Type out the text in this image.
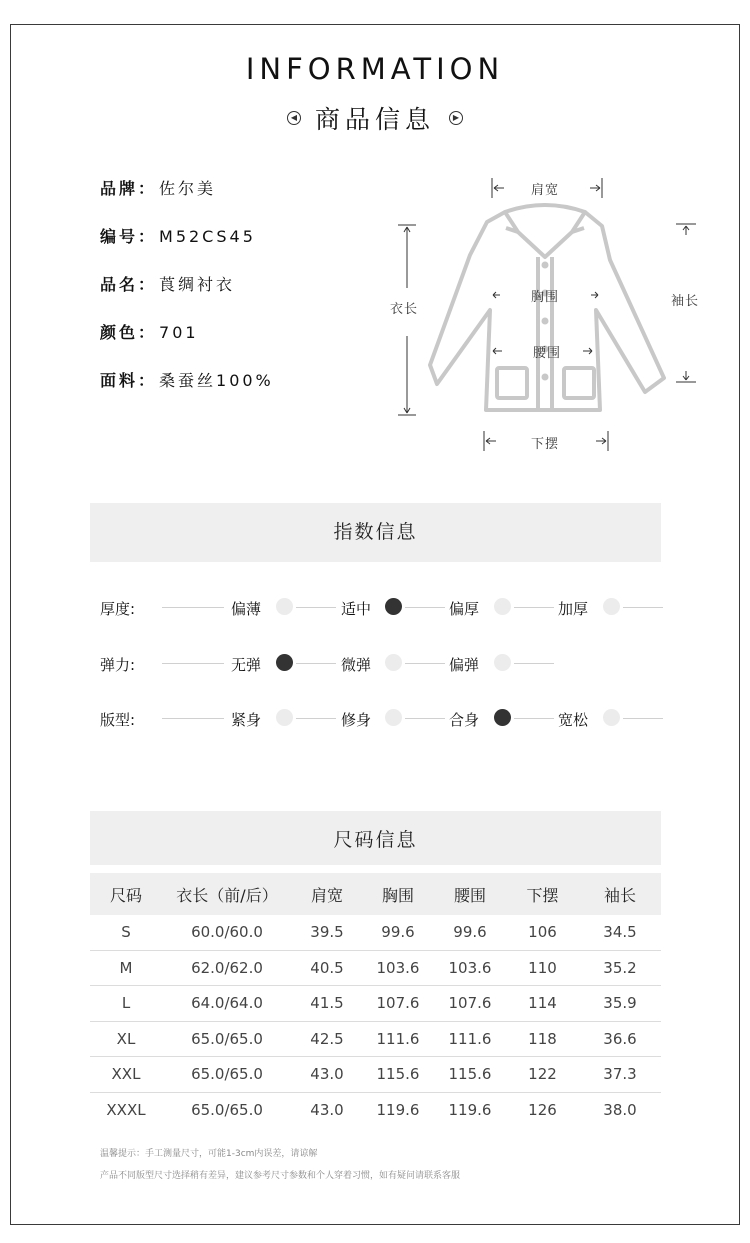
INFORMATION
◀ 商品信息	▶
品牌： 佐尔美
编号： M52CS45
品名： 莨绸衬衣
颜色： 701
面料： 桑蚕丝100%
肩宽
衣长
袖长
胸围
腰围
下摆
指数信息
厚度:	偏薄	适中	偏厚	加厚
弹力:	无弹	微弹	偏弹
版型:	紧身	修身	合身	宽松
尺码信息
尺码	衣长（前/后）	肩宽	胸围	腰围	下摆	袖长
S	60.0/60.0	39.5	99.6	99.6	106	34.5
M	62.0/62.0	40.5	103.6	103.6	110	35.2
L	64.0/64.0	41.5	107.6	107.6	114	35.9
XL	65.0/65.0	42.5	111.6	111.6	118	36.6
XXL	65.0/65.0	43.0	115.6	115.6	122	37.3
XXXL	65.0/65.0	43.0	119.6	119.6	126	38.0
温馨提示：手工测量尺寸，可能1-3cm内误差，请谅解
产品不同版型尺寸选择稍有差异，建议参考尺寸参数和个人穿着习惯，如有疑问请联系客服
